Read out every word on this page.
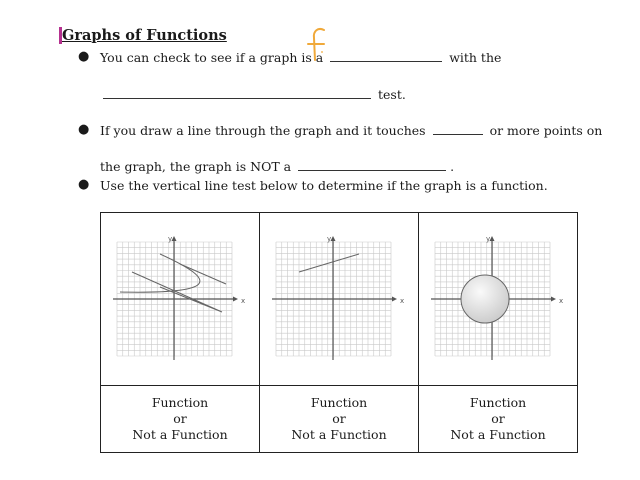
Graphs of Functions
● You can check to see if a graph is a	with the
test.
● If you draw a line through the graph and it touches	or more points on
the graph, the graph is NOT a	.
● Use the vertical line test below to determine if the graph is a function.
x
y	x
y	x
y

Function
or
Not a Function	Function
or
Not a Function	Function
or
Not a Function
